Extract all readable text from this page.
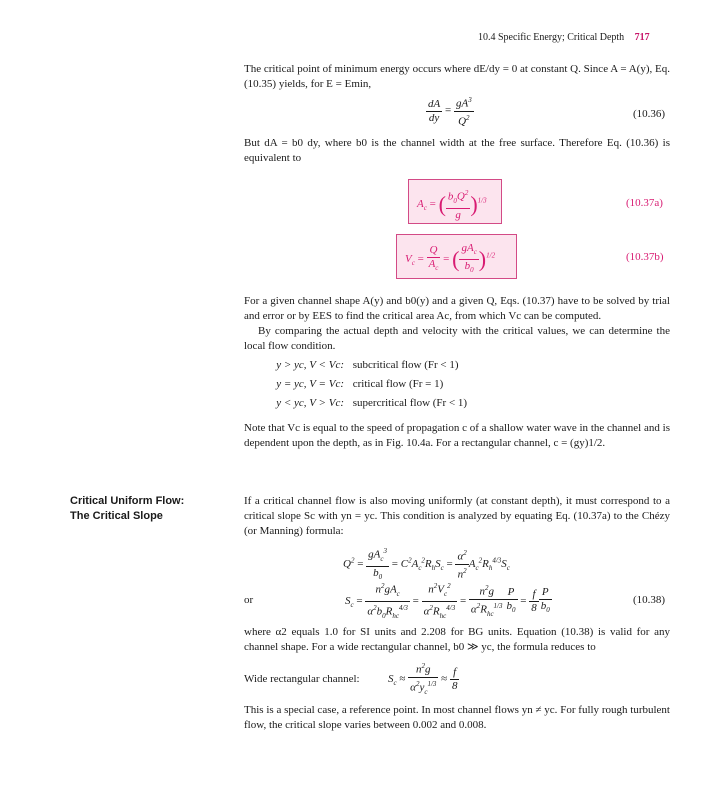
10.4 Specific Energy; Critical Depth 717
The critical point of minimum energy occurs where dE/dy = 0 at constant Q. Since A = A(y), Eq. (10.35) yields, for E = Emin,
$\frac{dA}{dy} = \frac{gA^3}{Q^2}$	(10.36)
But dA = b0 dy, where b0 is the channel width at the free surface. Therefore Eq. (10.36) is equivalent to
$A_c$ = ( $\frac{b_0Q^2}{g} )^{1/3}$	(10.37a)
$V_c = \frac{Q}{A_c}$ = ( $\frac{gA_c}{b_0} )^{1/2}$	(10.37b)
For a given channel shape A(y) and b0(y) and a given Q, Eqs. (10.37) have to be solved by trial and error or by EES to find the critical area Ac, from which Vc can be computed.
By comparing the actual depth and velocity with the critical values, we can determine the local flow condition.
y > yc, V < Vc: subcritical flow (Fr < 1)
y = yc, V = Vc: critical flow (Fr = 1)
y < yc, V > Vc: supercritical flow (Fr < 1)
Note that Vc is equal to the speed of propagation c of a shallow water wave in the channel and is dependent upon the depth, as in Fig. 10.4a. For a rectangular channel, c = (gy)1/2.
Critical Uniform Flow:
The Critical Slope
If a critical channel flow is also moving uniformly (at constant depth), it must correspond to a critical slope Sc with yn = yc. This condition is analyzed by equating Eq. (10.37a) to the Chézy (or Manning) formula:
$Q^2 = \frac{gA_c^3}{b_0} = C^2A_c^2R_hS_c = \frac{\alpha^2}{n^2} A_c^2R_h^{4/3}S_c$
or	$S_c = \frac{n^2gA_c}{\alpha^2b_0R_{hc}^{4/3}} = \frac{n^2V_c^2}{\alpha^2R_{hc}^{4/3}} = \frac{n^2g}{\alpha^2R_{hc}^{1/3}} \frac{P}{b_0} = \frac{f}{8} \frac{P}{b_0}$	(10.38)
where α2 equals 1.0 for SI units and 2.208 for BG units. Equation (10.38) is valid for any channel shape. For a wide rectangular channel, b0 ≫ yc, the formula reduces to
Wide rectangular channel:	$S_c \approx \frac{n^2g}{\alpha^2y_c^{1/3}} \approx \frac{f}{8}$
This is a special case, a reference point. In most channel flows yn ≠ yc. For fully rough turbulent flow, the critical slope varies between 0.002 and 0.008.
